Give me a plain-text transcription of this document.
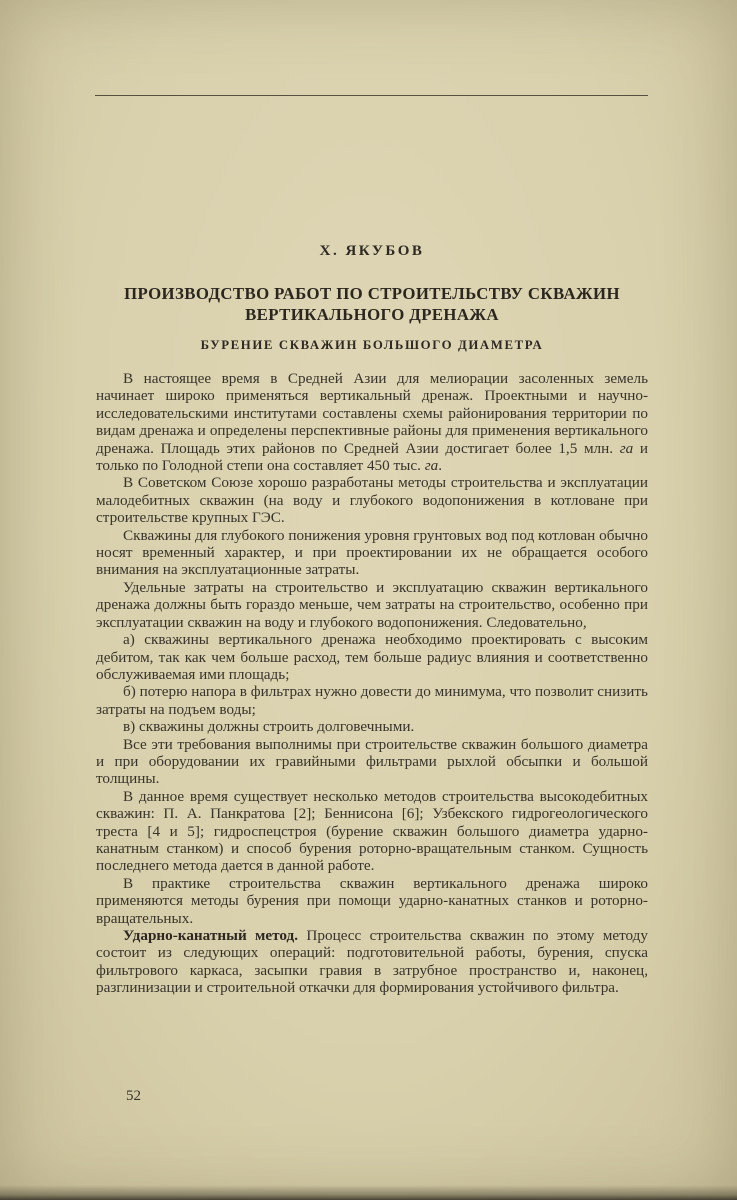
Х. ЯКУБОВ
ПРОИЗВОДСТВО РАБОТ ПО СТРОИТЕЛЬСТВУ СКВАЖИН
ВЕРТИКАЛЬНОГО ДРЕНАЖА
БУРЕНИЕ СКВАЖИН БОЛЬШОГО ДИАМЕТРА

В настоящее время в Средней Азии для мелиорации засоленных земель начинает широко применяться вертикальный дренаж. Проектными и научно-исследовательскими институтами составлены схемы районирования территории по видам дренажа и определены перспективные районы для применения вертикального дренажа. Площадь этих районов по Средней Азии достигает более 1,5 млн. га и только по Голодной степи она составляет 450 тыс. га.

В Советском Союзе хорошо разработаны методы строительства и эксплуатации малодебитных скважин (на воду и глубокого водопонижения в котловане при строительстве крупных ГЭС.

Скважины для глубокого понижения уровня грунтовых вод под котлован обычно носят временный характер, и при проектировании их не обращается особого внимания на эксплуатационные затраты.

Удельные затраты на строительство и эксплуатацию скважин вертикального дренажа должны быть гораздо меньше, чем затраты на строительство, особенно при эксплуатации скважин на воду и глубокого водопонижения. Следовательно,

а) скважины вертикального дренажа необходимо проектировать с высоким дебитом, так как чем больше расход, тем больше радиус влияния и соответственно обслуживаемая ими площадь;

б) потерю напора в фильтрах нужно довести до минимума, что позволит снизить затраты на подъем воды;

в) скважины должны строить долговечными.

Все эти требования выполнимы при строительстве скважин большого диаметра и при оборудовании их гравийными фильтрами рыхлой обсыпки и большой толщины.

В данное время существует несколько методов строительства высокодебитных скважин: П. А. Панкратова [2]; Беннисона [6]; Узбекского гидрогеологического треста [4 и 5]; гидроспецстроя (бурение скважин большого диаметра ударно-канатным станком) и способ бурения роторно-вращательным станком. Сущность последнего метода дается в данной работе.

В практике строительства скважин вертикального дренажа широко применяются методы бурения при помощи ударно-канатных станков и роторно-вращательных.

Ударно-канатный метод. Процесс строительства скважин по этому методу состоит из следующих операций: подготовительной работы, бурения, спуска фильтрового каркаса, засыпки гравия в затрубное пространство и, наконец, разглинизации и строительной откачки для формирования устойчивого фильтра.

52
